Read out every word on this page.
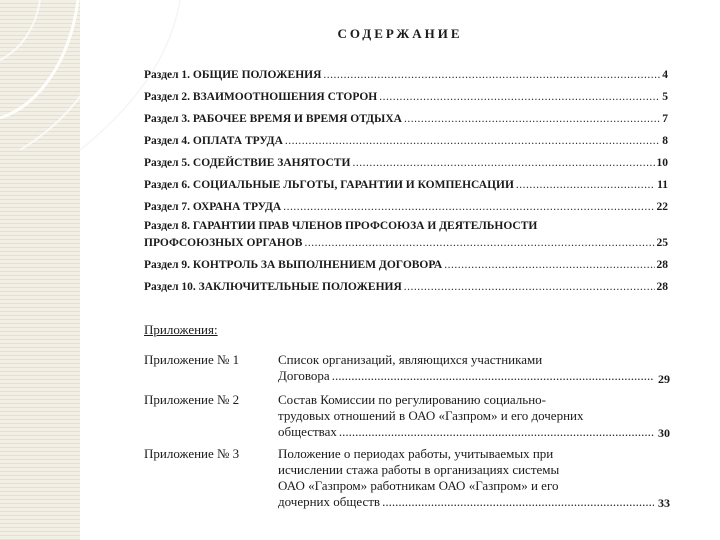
СОДЕРЖАНИЕ
Раздел 1. ОБЩИЕ ПОЛОЖЕНИЯ .....	4
Раздел 2. ВЗАИМООТНОШЕНИЯ СТОРОН .....	5
Раздел 3. РАБОЧЕЕ ВРЕМЯ И ВРЕМЯ ОТДЫХА .....	7
Раздел 4. ОПЛАТА ТРУДА .....	8
Раздел 5. СОДЕЙСТВИЕ ЗАНЯТОСТИ .....	10
Раздел 6. СОЦИАЛЬНЫЕ ЛЬГОТЫ, ГАРАНТИИ И КОМПЕНСАЦИИ .....	11
Раздел 7. ОХРАНА ТРУДА .....	22
Раздел 8. ГАРАНТИИ ПРАВ ЧЛЕНОВ ПРОФСОЮЗА И ДЕЯТЕЛЬНОСТИ
ПРОФСОЮЗНЫХ ОРГАНОВ .....	25
Раздел 9. КОНТРОЛЬ ЗА ВЫПОЛНЕНИЕМ ДОГОВОРА .....	28
Раздел 10. ЗАКЛЮЧИТЕЛЬНЫЕ ПОЛОЖЕНИЯ .....	28
Приложения:
Приложение № 1	Список организаций, являющихся участниками
Договора .....	29
Приложение № 2	Состав Комиссии по регулированию социально-
трудовых отношений в ОАО «Газпром» и его дочерних
обществах .....	30
Приложение № 3	Положение о периодах работы, учитываемых при
исчислении стажа работы в организациях системы
ОАО «Газпром» работникам ОАО «Газпром» и его
дочерних обществ .....	33
